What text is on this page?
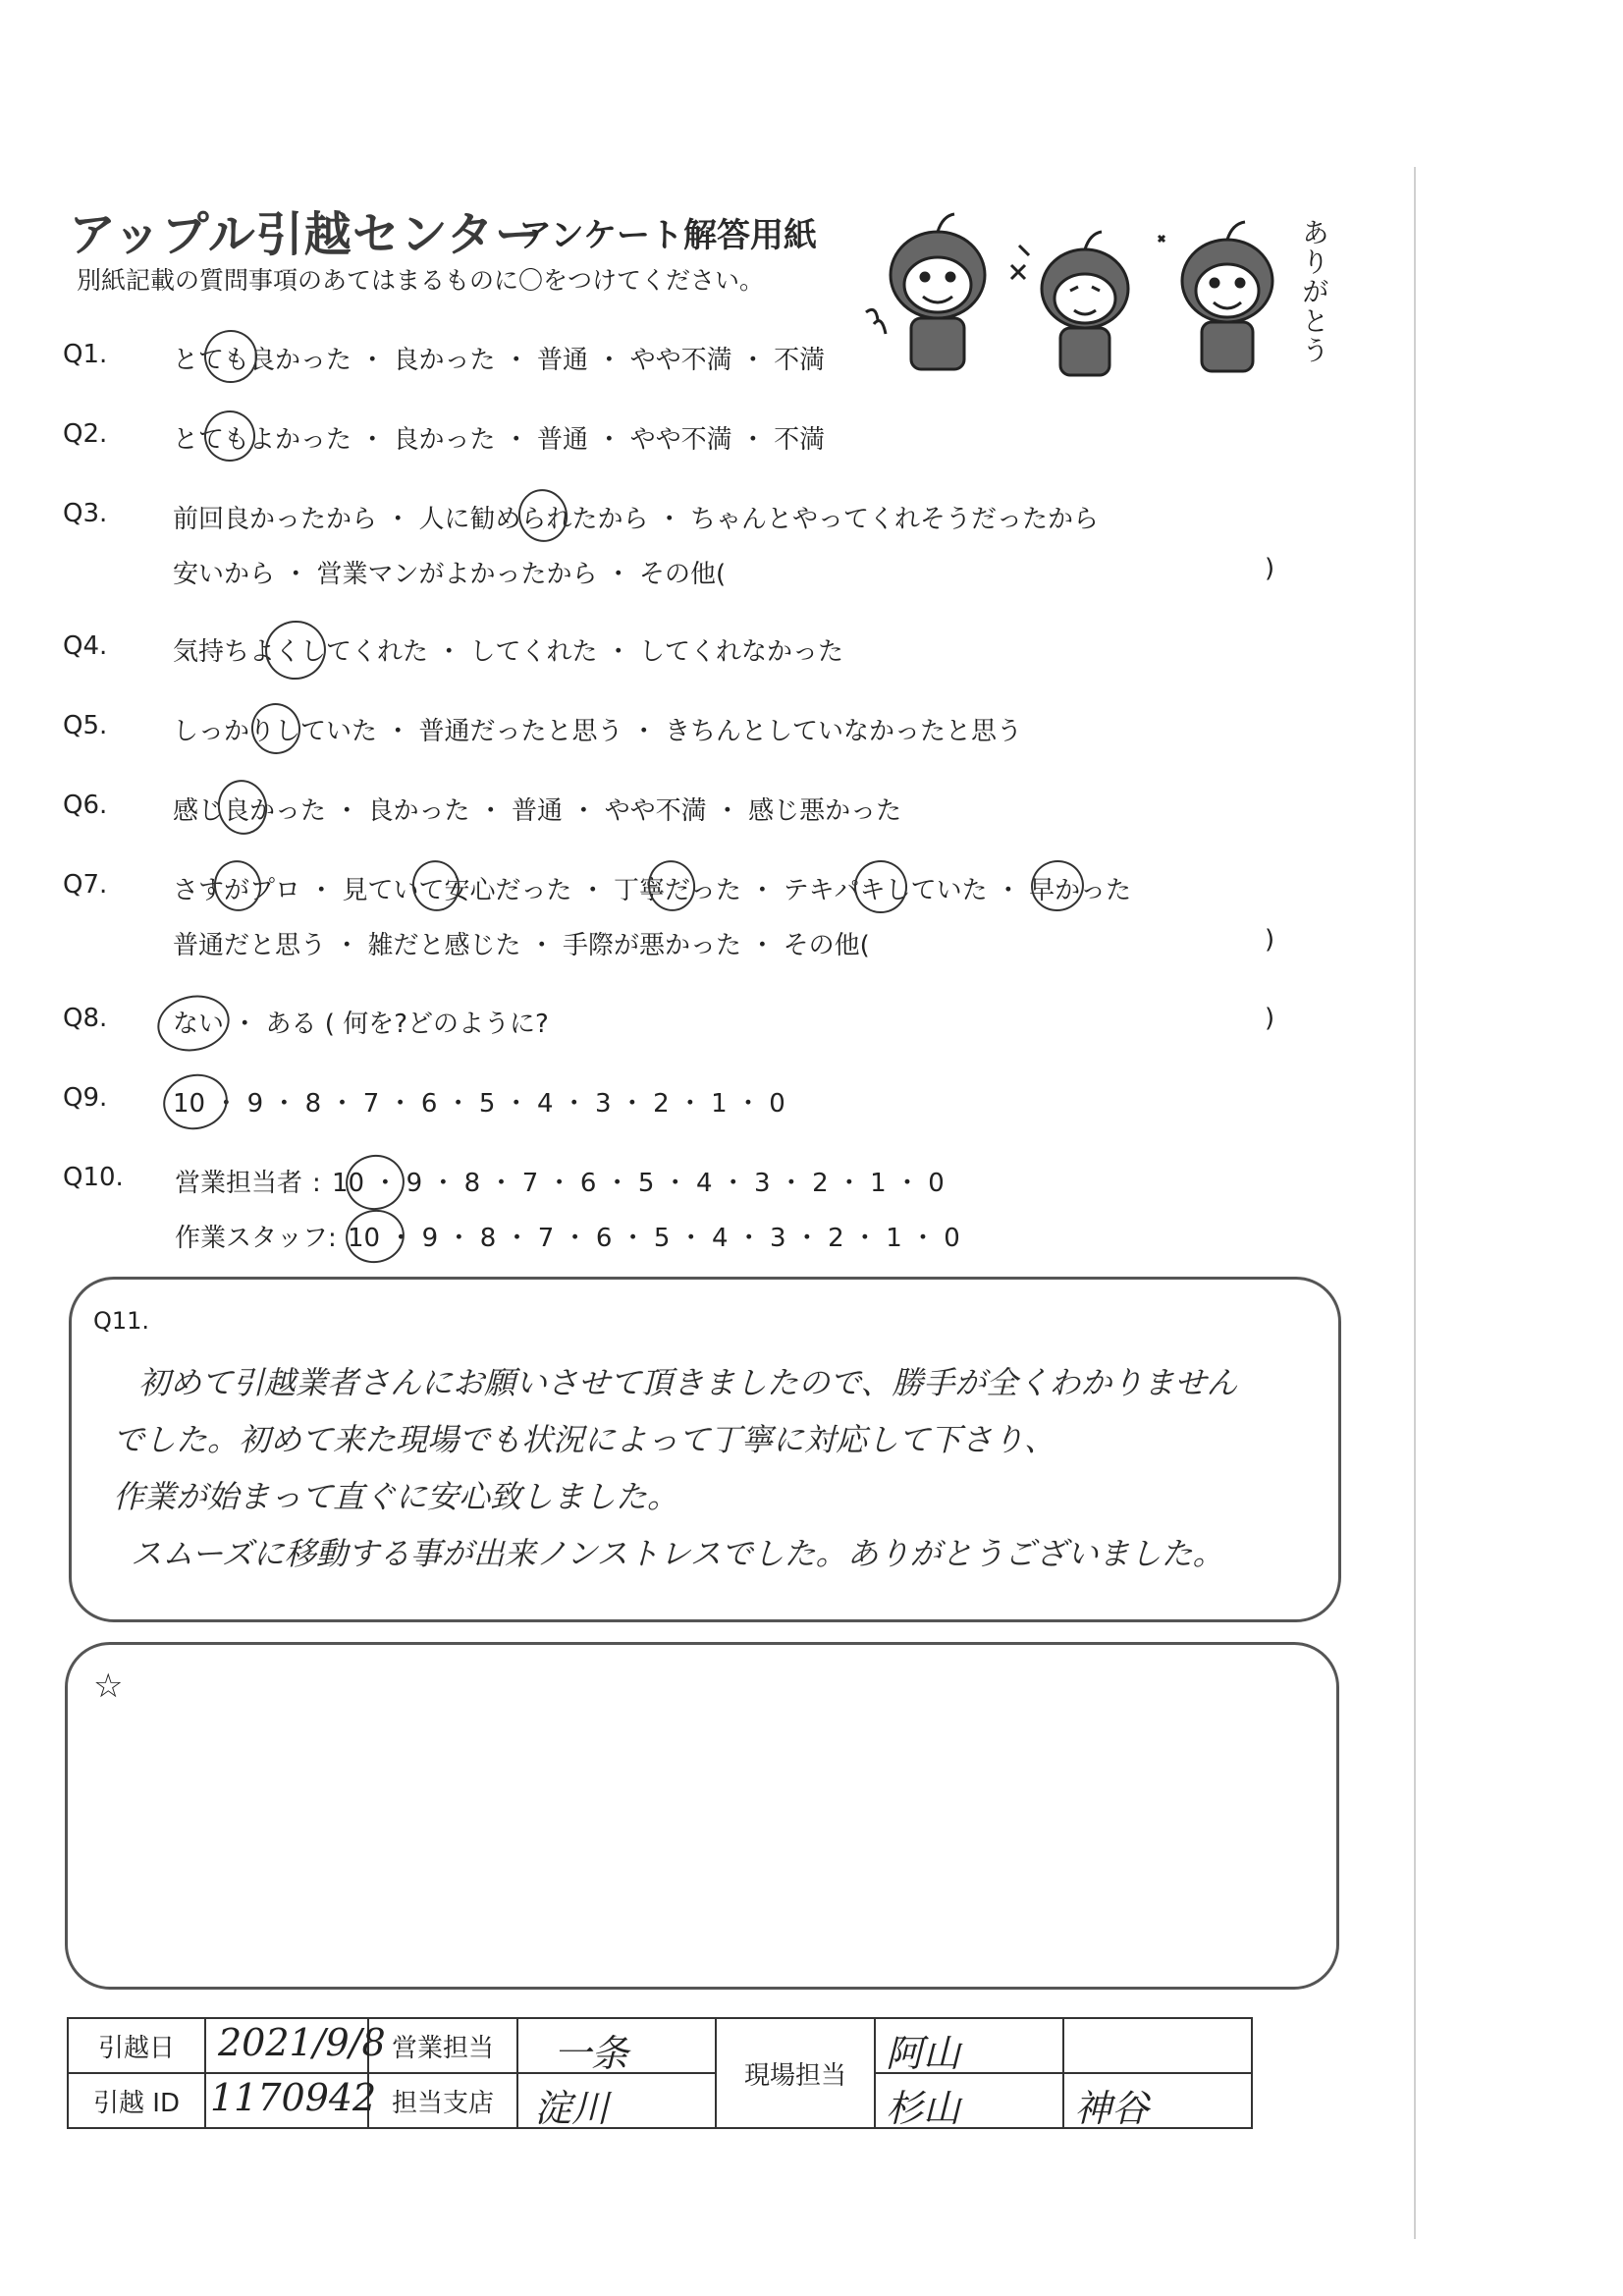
アップル引越センター
アンケート解答用紙
別紙記載の質問事項のあてはまるものに〇をつけてください。	ありがとう
Q1.	とても良かった ・ 良かった ・ 普通 ・ やや不満 ・ 不満
Q2.	とてもよかった ・ 良かった ・ 普通 ・ やや不満 ・ 不満
Q3.	前回良かったから ・ 人に勧められたから ・ ちゃんとやってくれそうだったから
安いから ・ 営業マンがよかったから ・ その他(	)
Q4.	気持ちよくしてくれた ・ してくれた ・ してくれなかった
Q5.	しっかりしていた ・ 普通だったと思う ・ きちんとしていなかったと思う
Q6.	感じ良かった ・ 良かった ・ 普通 ・ やや不満 ・ 感じ悪かった
Q7.	さすがプロ ・ 見ていて安心だった ・ 丁寧だった ・ テキパキしていた ・ 早かった
普通だと思う ・ 雑だと感じた ・ 手際が悪かった ・ その他(	)
Q8.	ない ・ ある ( 何を?どのように?	)
Q9.	10 ・ 9 ・ 8 ・ 7 ・ 6 ・ 5 ・ 4 ・ 3 ・ 2 ・ 1 ・ 0
Q10.	営業担当者 : 10 ・ 9 ・ 8 ・ 7 ・ 6 ・ 5 ・ 4 ・ 3 ・ 2 ・ 1 ・ 0
作業スタッフ: 10 ・ 9 ・ 8 ・ 7 ・ 6 ・ 5 ・ 4 ・ 3 ・ 2 ・ 1 ・ 0
Q11.
初めて引越業者さんにお願いさせて頂きましたので、勝手が全くわかりません
でした。初めて来た現場でも状況によって丁寧に対応して下さり、
作業が始まって直ぐに安心致しました。
スムーズに移動する事が出来ノンストレスでした。ありがとうございました。
☆
引越日	2021/9/8	営業担当	一条	現場担当	阿山	

引越 ID	1170942	担当支店	淀川		杉山	神谷
